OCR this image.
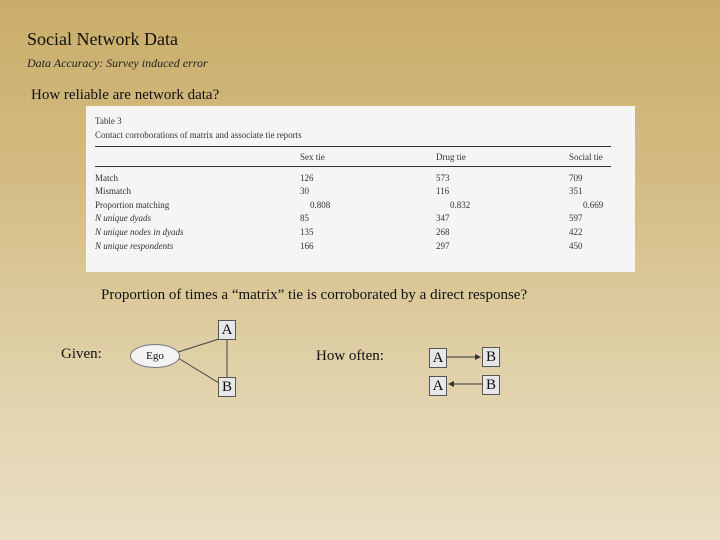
Social Network Data
Data Accuracy: Survey induced error
How reliable are network data?
Table 3
Contact corroborations of matrix and associate tie reports
Sex tie	Drug tie	Social tie
Match	126	573	709
Mismatch	30	116	351
Proportion matching	0.808	0.832	0.669
N unique dyads	85	347	597
N unique nodes in dyads	135	268	422
N unique respondents	166	297	450
Proportion of times a “matrix” tie is corroborated by a direct response?
Given:	Ego
A
B
How often:	A	B
A	B
